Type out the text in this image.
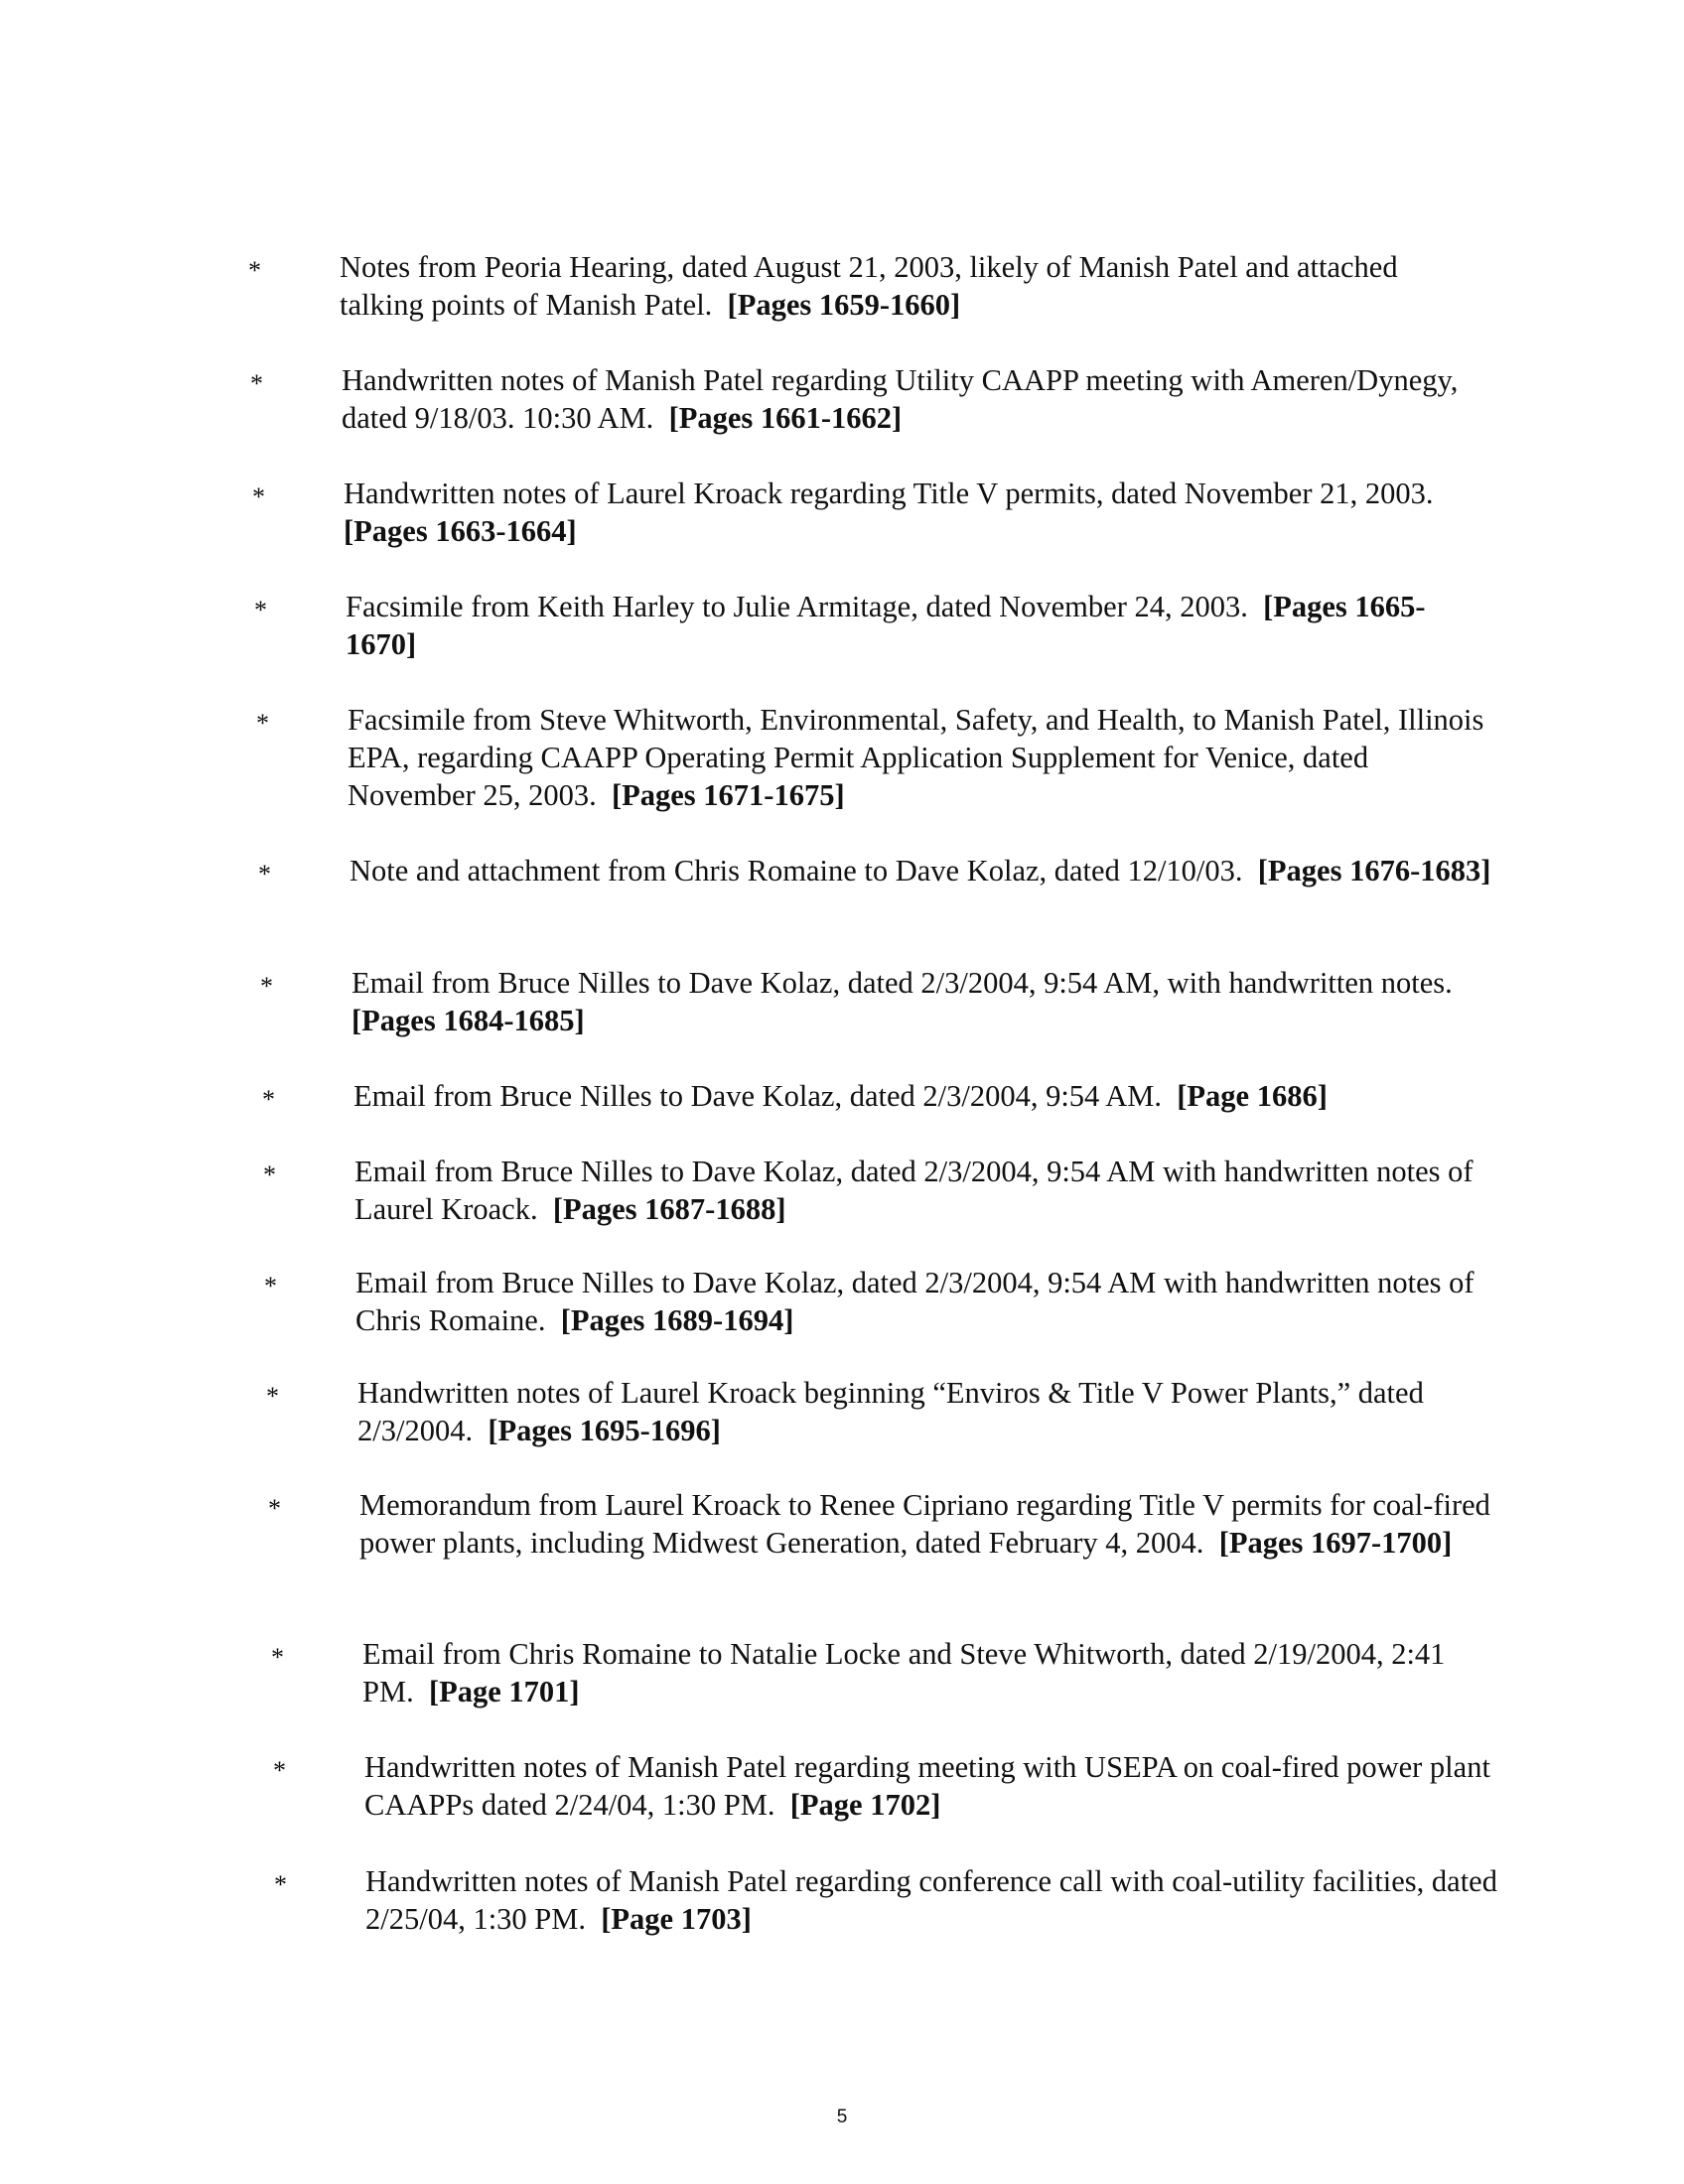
*	Notes from Peoria Hearing, dated August 21, 2003, likely of Manish Patel and attached talking points of Manish Patel. [Pages 1659-1660]
*	Handwritten notes of Manish Patel regarding Utility CAAPP meeting with Ameren/Dynegy, dated 9/18/03. 10:30 AM. [Pages 1661-1662]
*	Handwritten notes of Laurel Kroack regarding Title V permits, dated November 21, 2003.  [Pages 1663-1664]
*	Facsimile from Keith Harley to Julie Armitage, dated November 24, 2003. [Pages 1665-1670]
*	Facsimile from Steve Whitworth, Environmental, Safety, and Health, to Manish Patel, Illinois EPA, regarding CAAPP Operating Permit Application Supplement for Venice, dated November 25, 2003. [Pages 1671-1675]
*	Note and attachment from Chris Romaine to Dave Kolaz, dated 12/10/03. [Pages 1676-1683]
*	Email from Bruce Nilles to Dave Kolaz, dated 2/3/2004, 9:54 AM, with handwritten notes.  [Pages 1684-1685]
*	Email from Bruce Nilles to Dave Kolaz, dated 2/3/2004, 9:54 AM. [Page 1686]
*	Email from Bruce Nilles to Dave Kolaz, dated 2/3/2004, 9:54 AM with handwritten notes of Laurel Kroack. [Pages 1687-1688]
*	Email from Bruce Nilles to Dave Kolaz, dated 2/3/2004, 9:54 AM with handwritten notes of Chris Romaine. [Pages 1689-1694]
*	Handwritten notes of Laurel Kroack beginning “Enviros & Title V Power Plants,” dated 2/3/2004. [Pages 1695-1696]
*	Memorandum from Laurel Kroack to Renee Cipriano regarding Title V permits for coal-fired power plants, including Midwest Generation, dated February 4, 2004. [Pages 1697-1700]
*	Email from Chris Romaine to Natalie Locke and Steve Whitworth, dated 2/19/2004, 2:41 PM. [Page 1701]
*	Handwritten notes of Manish Patel regarding meeting with USEPA on coal-fired power plant CAAPPs dated 2/24/04, 1:30 PM. [Page 1702]
*	Handwritten notes of Manish Patel regarding conference call with coal-utility facilities, dated 2/25/04, 1:30 PM. [Page 1703]
5
